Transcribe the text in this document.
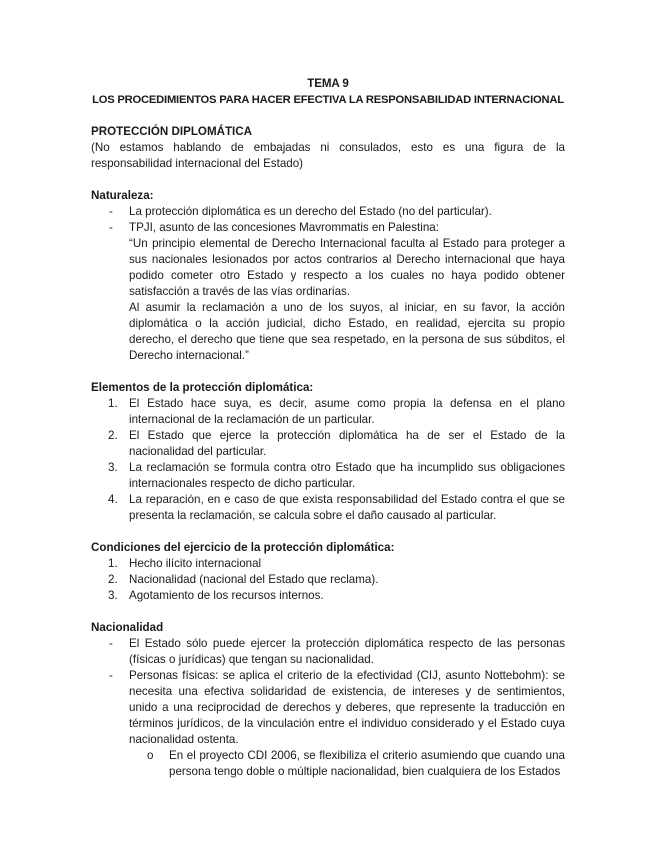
TEMA 9
LOS PROCEDIMIENTOS PARA HACER EFECTIVA LA RESPONSABILIDAD INTERNACIONAL
PROTECCIÓN DIPLOMÁTICA
(No estamos hablando de embajadas ni consulados, esto es una figura de la responsabilidad internacional del Estado)
Naturaleza:
- La protección diplomática es un derecho del Estado (no del particular).
- TPJI, asunto de las concesiones Mavrommatis en Palestina:
“Un principio elemental de Derecho Internacional faculta al Estado para proteger a sus nacionales lesionados por actos contrarios al Derecho internacional que haya podido cometer otro Estado y respecto a los cuales no haya podido obtener satisfacción a través de las vías ordinarias.
Al asumir la reclamación a uno de los suyos, al iniciar, en su favor, la acción diplomática o la acción judicial, dicho Estado, en realidad, ejercita su propio derecho, el derecho que tiene que sea respetado, en la persona de sus súbditos, el Derecho internacional.”
Elementos de la protección diplomática:
1. El Estado hace suya, es decir, asume como propia la defensa en el plano internacional de la reclamación de un particular.
2. El Estado que ejerce la protección diplomática ha de ser el Estado de la nacionalidad del particular.
3. La reclamación se formula contra otro Estado que ha incumplido sus obligaciones internacionales respecto de dicho particular.
4. La reparación, en e caso de que exista responsabilidad del Estado contra el que se presenta la reclamación, se calcula sobre el daño causado al particular.
Condiciones del ejercicio de la protección diplomática:
1. Hecho ilícito internacional
2. Nacionalidad (nacional del Estado que reclama).
3. Agotamiento de los recursos internos.
Nacionalidad
- El Estado sólo puede ejercer la protección diplomática respecto de las personas (físicas o jurídicas) que tengan su nacionalidad.
- Personas físicas: se aplica el criterio de la efectividad (CIJ, asunto Nottebohm): se necesita una efectiva solidaridad de existencia, de intereses y de sentimientos, unido a una reciprocidad de derechos y deberes, que represente la traducción en términos jurídicos, de la vinculación entre el individuo considerado y el Estado cuya nacionalidad ostenta.
o En el proyecto CDI 2006, se flexibiliza el criterio asumiendo que cuando una persona tengo doble o múltiple nacionalidad, bien cualquiera de los Estados
